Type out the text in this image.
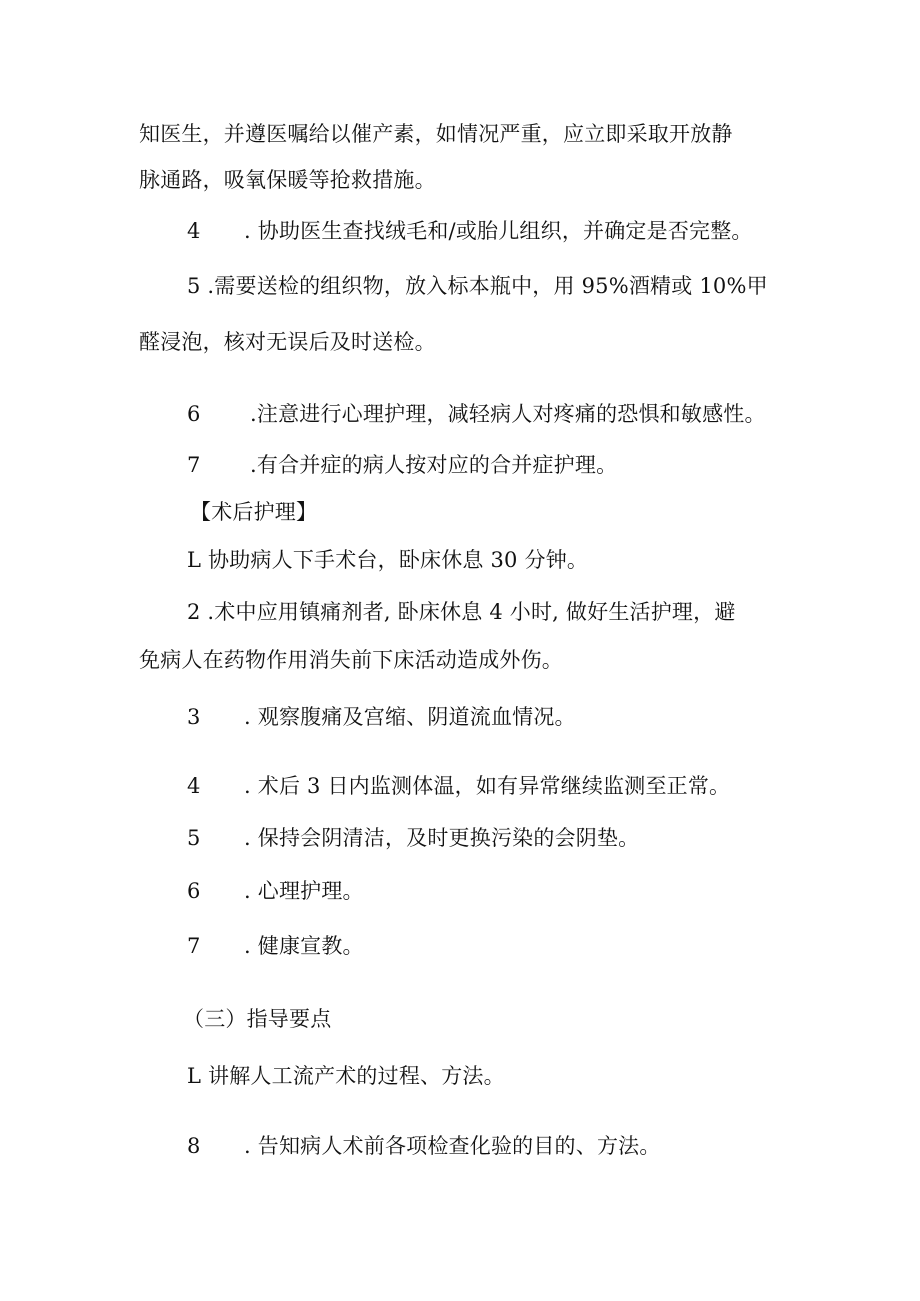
知医生，并遵医嘱给以催产素，如情况严重，应立即采取开放静
脉通路，吸氧保暖等抢救措施。
4 . 协助医生查找绒毛和/或胎儿组织，并确定是否完整。
5 .需要送检的组织物，放入标本瓶中，用 95%酒精或 10%甲
醛浸泡，核对无误后及时送检。
6 .注意进行心理护理，减轻病人对疼痛的恐惧和敏感性。
7 .有合并症的病人按对应的合并症护理。
【术后护理】
L 协助病人下手术台，卧床休息 30 分钟。
2 .术中应用镇痛剂者, 卧床休息 4 小时, 做好生活护理，避
免病人在药物作用消失前下床活动造成外伤。
3 . 观察腹痛及宫缩、阴道流血情况。
4 . 术后 3 日内监测体温，如有异常继续监测至正常。
5 . 保持会阴清洁，及时更换污染的会阴垫。
6 . 心理护理。
7 . 健康宣教。
（三）指导要点
L 讲解人工流产术的过程、方法。
8 . 告知病人术前各项检查化验的目的、方法。
